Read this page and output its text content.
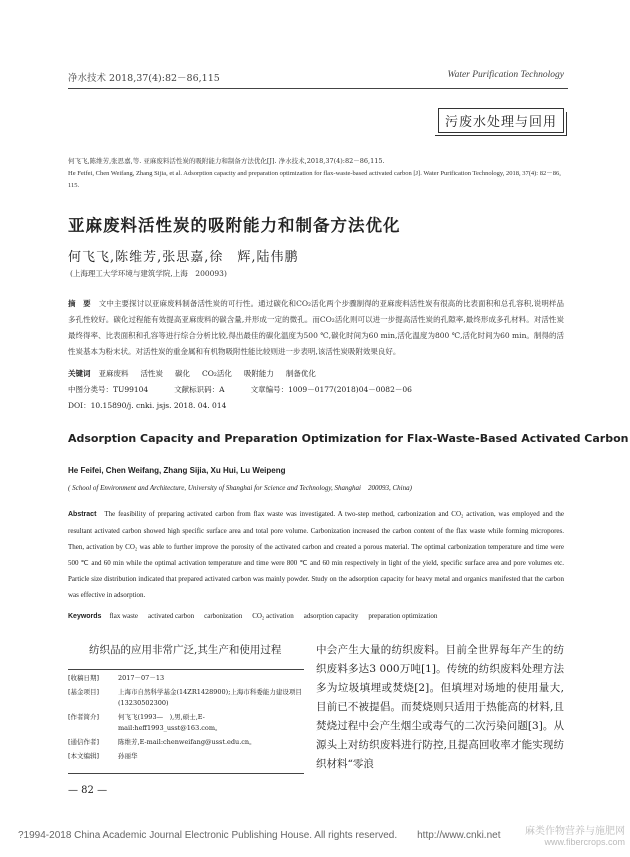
净水技术 2018,37(4):82－86,115	Water Purification Technology
污废水处理与回用
何飞飞,陈维芳,张思嘉,等. 亚麻废料活性炭的吸附能力和制备方法优化[J]. 净水技术,2018,37(4):82－86,115.
He Feifei, Chen Weifang, Zhang Sijia, et al. Adsorption capacity and preparation optimization for flax-waste-based activated carbon [J]. Water Purification Technology, 2018, 37(4): 82－86, 115.
亚麻废料活性炭的吸附能力和制备方法优化
何飞飞,陈维芳,张思嘉,徐　辉,陆伟鹏
(上海理工大学环境与建筑学院,上海　200093)
摘　要 文中主要探讨以亚麻废料制备活性炭的可行性。通过碳化和CO₂活化两个步骤制得的亚麻废料活性炭有很高的比表面积和总孔容积,说明样品多孔性较好。碳化过程能有效提高亚麻废料的碳含量,并形成一定的微孔。而CO₂活化则可以进一步提高活性炭的孔隙率,最终形成多孔材料。对活性炭最终得率、比表面积和孔容等进行综合分析比较,得出最佳的碳化温度为500 ℃,碳化时间为60 min,活化温度为800 ℃,活化时间为60 min。制得的活性炭基本为粉末状。对活性炭的重金属和有机物吸附性能比较则进一步表明,该活性炭吸附效果良好。
关键词 亚麻废料 活性炭 碳化 CO₂活化 吸附能力 制备优化
中图分类号：TU99104	文献标识码：A	文章编号：1009－0177(2018)04－0082－06
DOI：10.15890/j. cnki. jsjs. 2018. 04. 014
Adsorption Capacity and Preparation Optimization for Flax-Waste-Based Activated Carbon
He Feifei, Chen Weifang, Zhang Sijia, Xu Hui, Lu Weipeng
( School of Environment and Architecture, University of Shanghai for Science and Technology, Shanghai　200093, China)
Abstract The feasibility of preparing activated carbon from flax waste was investigated. A two-step method, carbonization and CO₂ activation, was employed and the resultant activated carbon showed high specific surface area and total pore volume. Carbonization increased the carbon content of the flax waste while forming micropores. Then, activation by CO₂ was able to further improve the porosity of the activated carbon and created a porous material. The optimal carbonization temperature and time were 500 ℃ and 60 min while the optimal activation temperature and time were 800 ℃ and 60 min respectively in light of the yield, specific surface area and pore volumes etc. Particle size distribution indicated that prepared activated carbon was mainly powder. Study on the adsorption capacity for heavy metal and organics manifested that the carbon was effective in adsorption.
Keywords flax waste activated carbon carbonization CO₂ activation adsorption capacity preparation optimization
纺织品的应用非常广泛,其生产和使用过程	中会产生大量的纺织废料。目前全世界每年产生的纺织废料多达3 000万吨[1]。传统的纺织废料处理方法多为垃圾填埋或焚烧[2]。但填埋对场地的使用量大,目前已不被提倡。而焚烧则只适用于热能高的材料,且焚烧过程中会产生烟尘或毒气的二次污染问题[3]。从源头上对纺织废料进行防控,且提高回收率才能实现纺织材料“零浪
[收稿日期]	2017－07－13
[基金项目]	上海市自然科学基金(14ZR1428900);上海市科委能力建设项目(13230502300)
[作者简介]	何飞飞(1993—　),男,硕士,E-mail:heff1993_usst@163.com。
[通信作者]	陈维芳,E-mail:chenweifang@usst.edu.cn。
[本文编辑]	孙丽华
— 82 —
?1994-2018 China Academic Journal Electronic Publishing House. All rights reserved.　　http://www.cnki.net	麻类作物营养与施肥网
www.fibercrops.com
